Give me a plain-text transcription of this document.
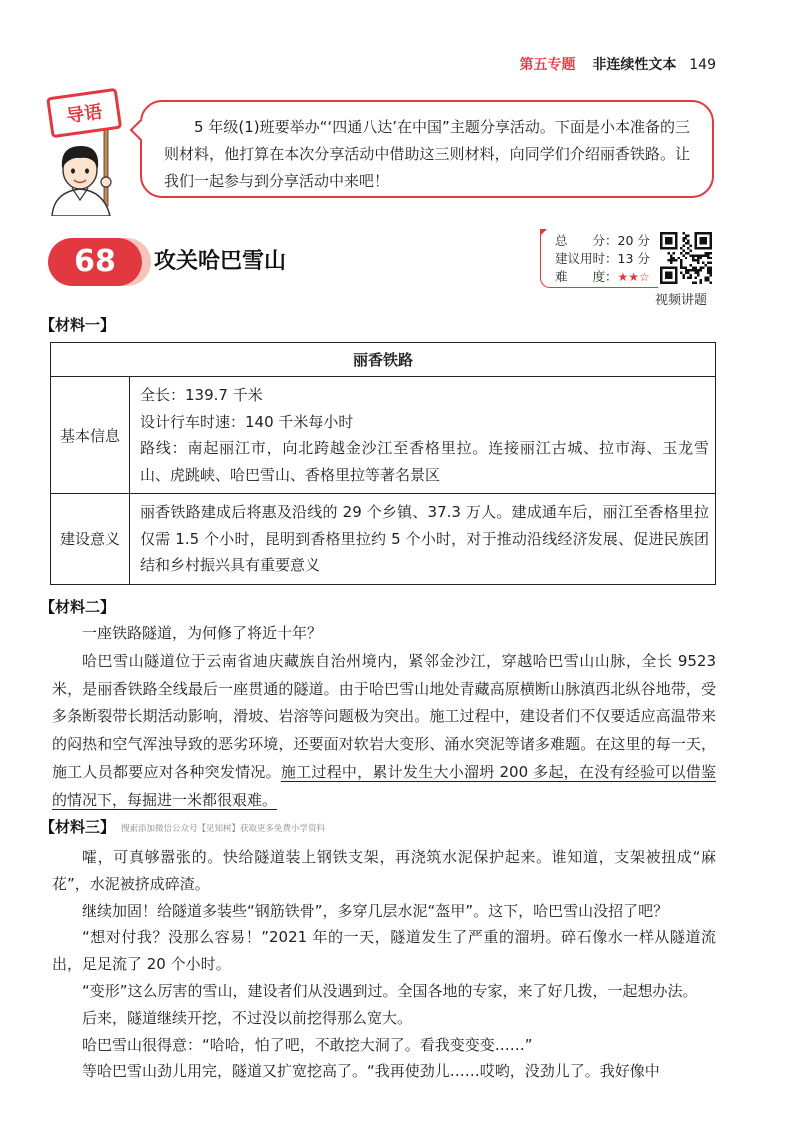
第五专题 非连续性文本 149
导语	5 年级(1)班要举办“‘四通八达’在中国”主题分享活动。下面是小本准备的三则材料，他打算在本次分享活动中借助这三则材料，向同学们介绍丽香铁路。让我们一起参与到分享活动中来吧！

68	攻关哈巴雪山
总　　分：20 分
建议用时：13 分
难　　度：★★☆
视频讲题
【材料一】
丽香铁路	
基本信息	全长：139.7 千米
设计行车时速：140 千米每小时
路线：南起丽江市，向北跨越金沙江至香格里拉。连接丽江古城、拉市海、玉龙雪山、虎跳峡、哈巴雪山、香格里拉等著名景区

建设意义	丽香铁路建成后将惠及沿线的 29 个乡镇、37.3 万人。建成通车后，丽江至香格里拉仅需 1.5 个小时，昆明到香格里拉约 5 个小时，对于推动沿线经济发展、促进民族团结和乡村振兴具有重要意义
【材料二】

一座铁路隧道，为何修了将近十年？

哈巴雪山隧道位于云南省迪庆藏族自治州境内，紧邻金沙江，穿越哈巴雪山山脉，全长 9523 米，是丽香铁路全线最后一座贯通的隧道。由于哈巴雪山地处青藏高原横断山脉滇西北纵谷地带，受多条断裂带长期活动影响，滑坡、岩溶等问题极为突出。施工过程中，建设者们不仅要适应高温带来的闷热和空气浑浊导致的恶劣环境，还要面对软岩大变形、涌水突泥等诸多难题。在这里的每一天，施工人员都要应对各种突发情况。施工过程中，累计发生大小溜坍 200 多起，在没有经验可以借鉴的情况下，每掘进一米都很艰难。

【材料三】 搜索添加微信公众号【见知树】获取更多免费小学资料

嚯，可真够嚣张的。快给隧道装上钢铁支架，再浇筑水泥保护起来。谁知道，支架被扭成“麻花”，水泥被挤成碎渣。

继续加固！给隧道多装些“钢筋铁骨”，多穿几层水泥“盔甲”。这下，哈巴雪山没招了吧？

“想对付我？没那么容易！”2021 年的一天，隧道发生了严重的溜坍。碎石像水一样从隧道流出，足足流了 20 个小时。

“变形”这么厉害的雪山，建设者们从没遇到过。全国各地的专家，来了好几拨，一起想办法。

后来，隧道继续开挖，不过没以前挖得那么宽大。

哈巴雪山很得意：“哈哈，怕了吧，不敢挖大洞了。看我变变变……”

等哈巴雪山劲儿用完，隧道又扩宽挖高了。“我再使劲儿……哎哟，没劲儿了。我好像中
